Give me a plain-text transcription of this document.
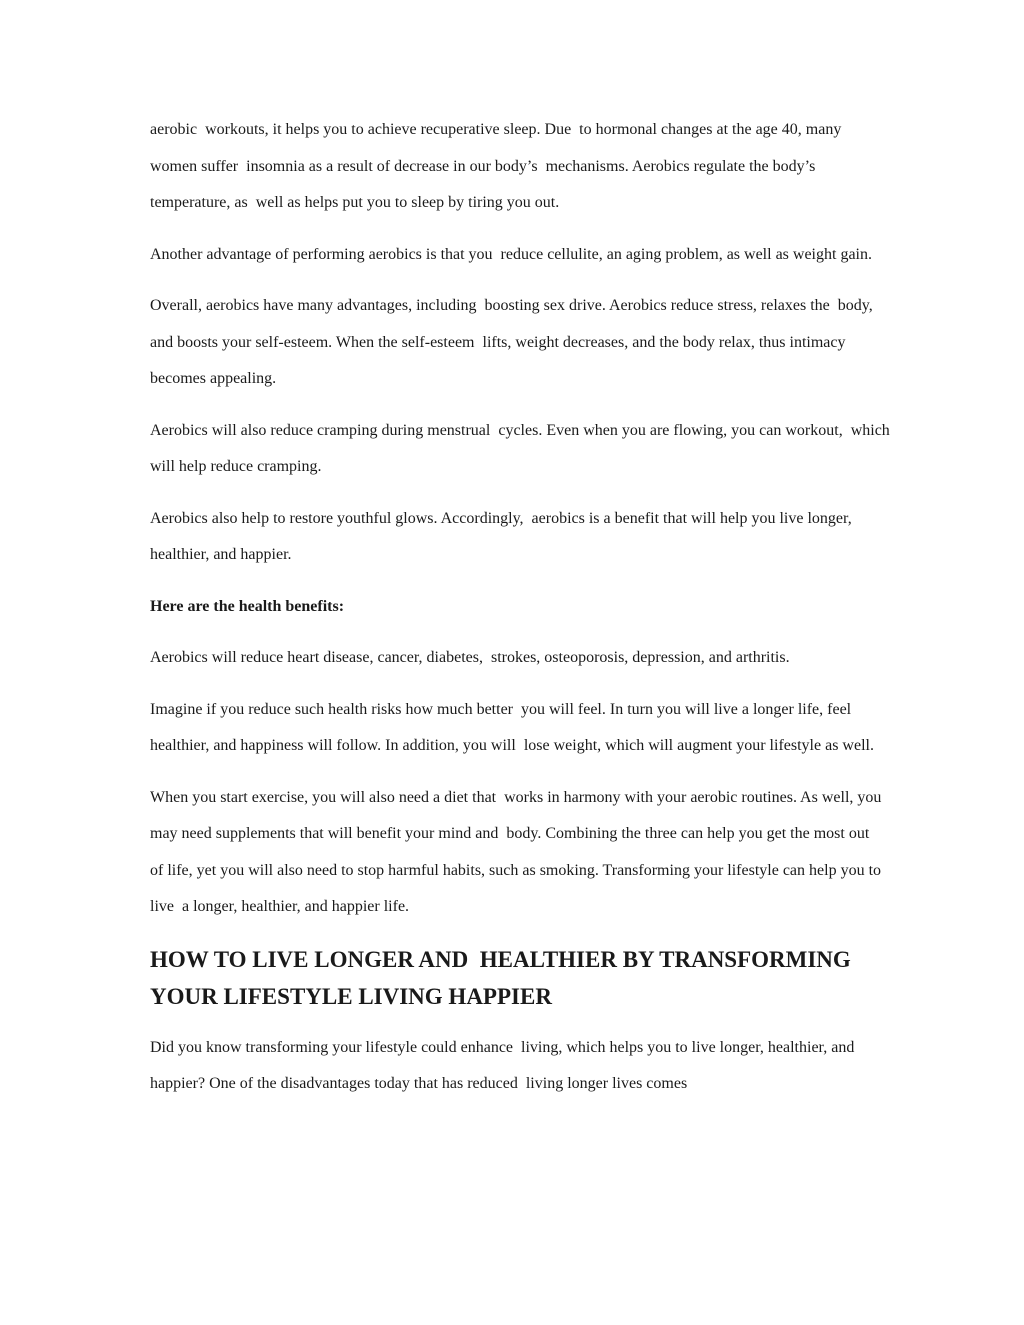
aerobic  workouts, it helps you to achieve recuperative sleep. Due  to hormonal changes at the age 40, many women suffer  insomnia as a result of decrease in our body’s  mechanisms. Aerobics regulate the body’s temperature, as  well as helps put you to sleep by tiring you out.

Another advantage of performing aerobics is that you  reduce cellulite, an aging problem, as well as weight gain.

Overall, aerobics have many advantages, including  boosting sex drive. Aerobics reduce stress, relaxes the  body, and boosts your self-esteem. When the self-esteem  lifts, weight decreases, and the body relax, thus intimacy  becomes appealing.

Aerobics will also reduce cramping during menstrual  cycles. Even when you are flowing, you can workout,  which will help reduce cramping.

Aerobics also help to restore youthful glows. Accordingly,  aerobics is a benefit that will help you live longer,  healthier, and happier.

Here are the health benefits:

Aerobics will reduce heart disease, cancer, diabetes,  strokes, osteoporosis, depression, and arthritis.

Imagine if you reduce such health risks how much better  you will feel. In turn you will live a longer life, feel  healthier, and happiness will follow. In addition, you will  lose weight, which will augment your lifestyle as well.

When you start exercise, you will also need a diet that  works in harmony with your aerobic routines. As well, you  may need supplements that will benefit your mind and  body. Combining the three can help you get the most out  of life, yet you will also need to stop harmful habits, such as smoking. Transforming your lifestyle can help you to live  a longer, healthier, and happier life.

HOW TO LIVE LONGER AND  HEALTHIER BY TRANSFORMING  YOUR LIFESTYLE LIVING HAPPIER

Did you know transforming your lifestyle could enhance  living, which helps you to live longer, healthier, and  happier? One of the disadvantages today that has reduced  living longer lives comes
